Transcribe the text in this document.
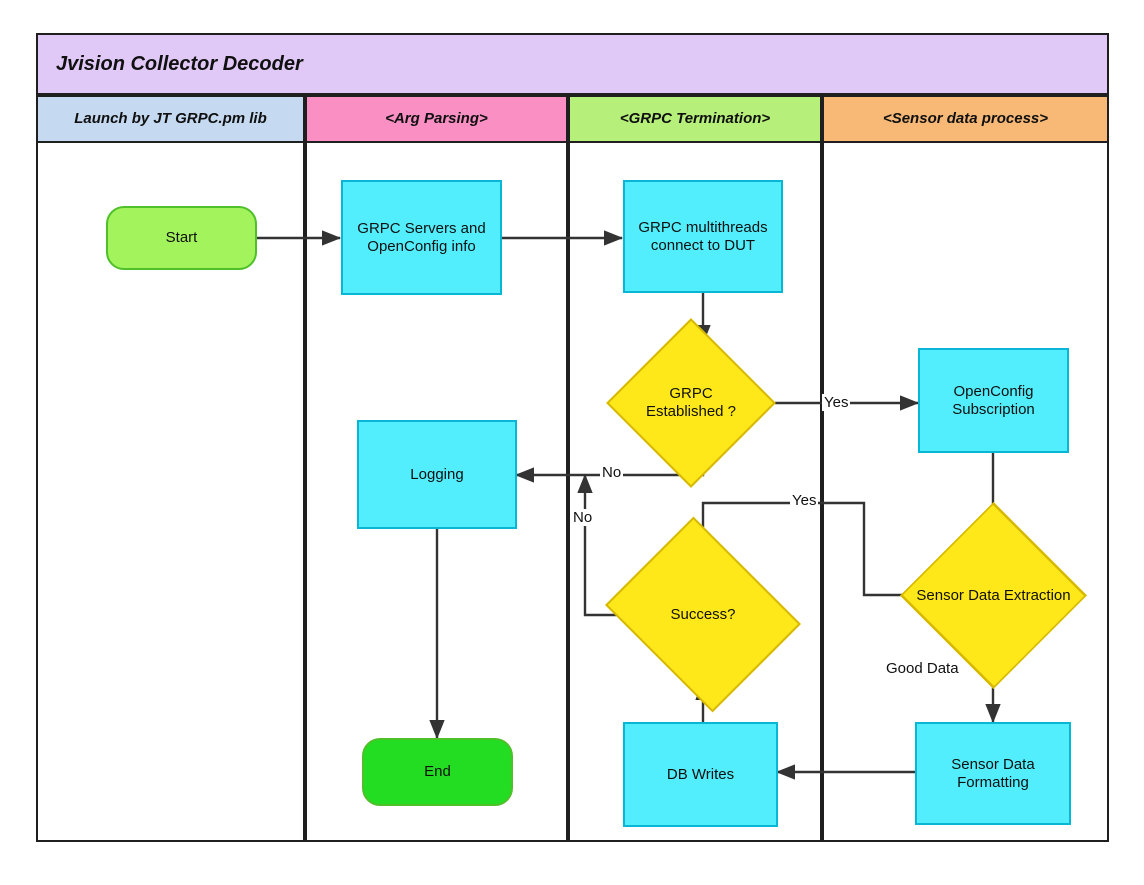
Jvision Collector Decoder
Launch by JT GRPC.pm lib	<Arg Parsing>	<GRPC Termination>	<Sensor data process>
Start
GRPC Servers and OpenConfig info
Logging
End
GRPC multithreads connect to DUT
GRPC Established ?
Success?
DB Writes
OpenConfig Subscription
Sensor Data Extraction
Sensor Data Formatting
Yes
No
No
Yes
Good Data
